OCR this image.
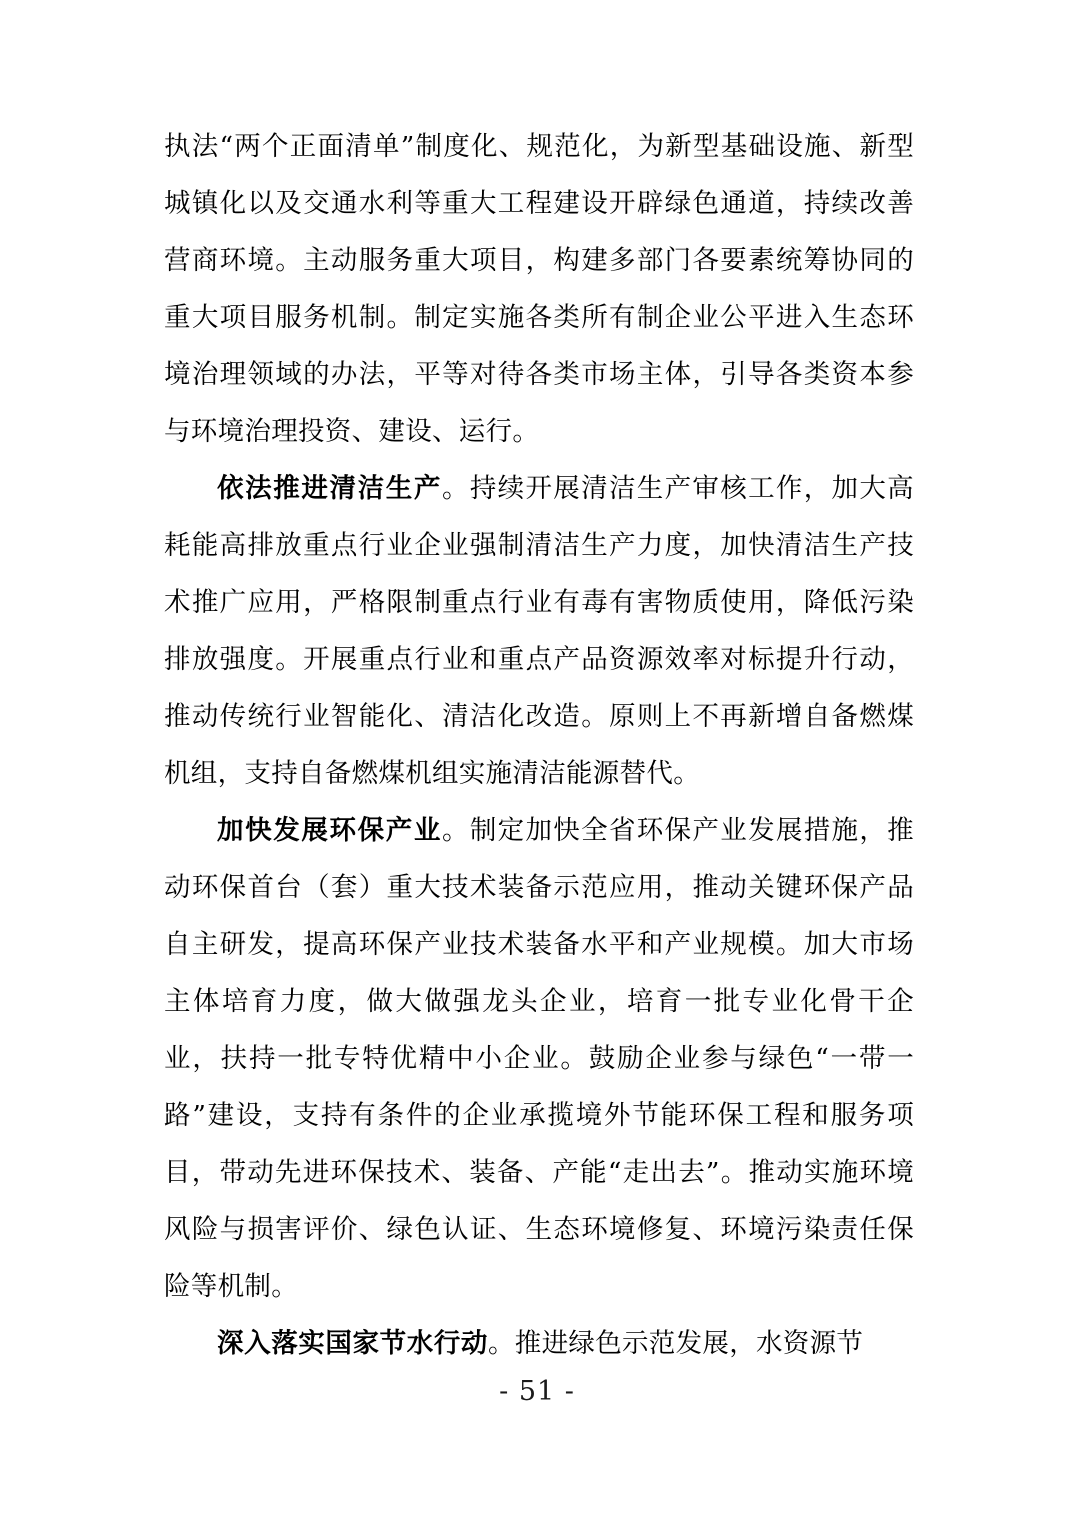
执法“两个正面清单”制度化、规范化，为新型基础设施、新型城镇化以及交通水利等重大工程建设开辟绿色通道，持续改善营商环境。主动服务重大项目，构建多部门各要素统筹协同的重大项目服务机制。制定实施各类所有制企业公平进入生态环境治理领域的办法，平等对待各类市场主体，引导各类资本参与环境治理投资、建设、运行。

依法推进清洁生产。持续开展清洁生产审核工作，加大高耗能高排放重点行业企业强制清洁生产力度，加快清洁生产技术推广应用，严格限制重点行业有毒有害物质使用，降低污染排放强度。开展重点行业和重点产品资源效率对标提升行动，推动传统行业智能化、清洁化改造。原则上不再新增自备燃煤机组，支持自备燃煤机组实施清洁能源替代。

加快发展环保产业。制定加快全省环保产业发展措施，推动环保首台（套）重大技术装备示范应用，推动关键环保产品自主研发，提高环保产业技术装备水平和产业规模。加大市场主体培育力度，做大做强龙头企业，培育一批专业化骨干企业，扶持一批专特优精中小企业。鼓励企业参与绿色“一带一路”建设，支持有条件的企业承揽境外节能环保工程和服务项目，带动先进环保技术、装备、产能“走出去”。推动实施环境风险与损害评价、绿色认证、生态环境修复、环境污染责任保险等机制。

深入落实国家节水行动。推进绿色示范发展，水资源节

- 51 -
